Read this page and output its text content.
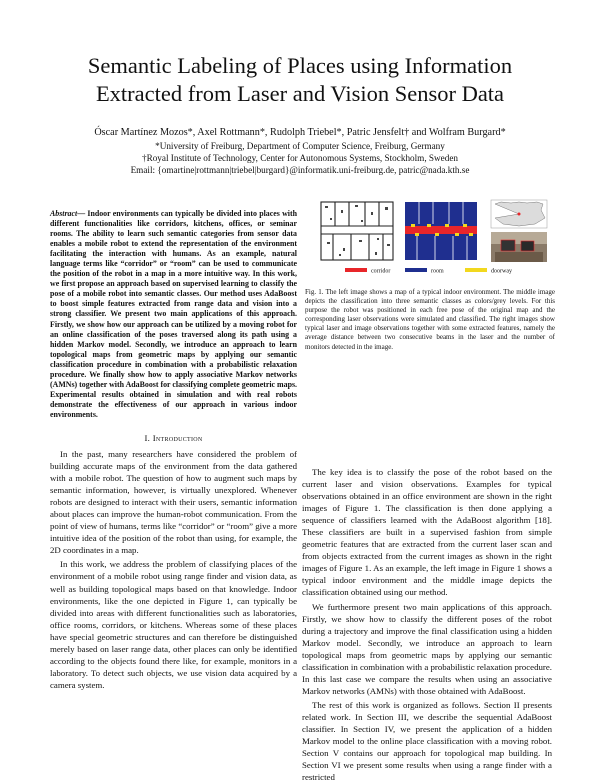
Semantic Labeling of Places using Information
Extracted from Laser and Vision Sensor Data
Óscar Martínez Mozos*, Axel Rottmann*, Rudolph Triebel*, Patric Jensfelt† and Wolfram Burgard*
*University of Freiburg, Department of Computer Science, Freiburg, Germany
†Royal Institute of Technology, Center for Autonomous Systems, Stockholm, Sweden
Email: {omartine|rottmann|triebel|burgard}@informatik.uni-freiburg.de, patric@nada.kth.se
Abstract— Indoor environments can typically be divided into places with different functionalities like corridors, kitchens, offices, or seminar rooms. The ability to learn such semantic categories from sensor data enables a mobile robot to extend the representation of the environment facilitating the interaction with humans. As an example, natural language terms like “corridor” or “room” can be used to communicate the position of the robot in a map in a more intuitive way. In this work, we first propose an approach based on supervised learning to classify the pose of a mobile robot into semantic classes. Our method uses AdaBoost to boost simple features extracted from range data and vision into a strong classifier. We present two main applications of this approach. Firstly, we show how our approach can be utilized by a moving robot for an online classification of the poses traversed along its path using a hidden Markov model. Secondly, we introduce an approach to learn topological maps from geometric maps by applying our semantic classification procedure in combination with a probabilistic relaxation procedure. We finally show how to apply associative Markov networks (AMNs) together with AdaBoost for classifying complete geometric maps. Experimental results obtained in simulation and with real robots demonstrate the effectiveness of our approach in various indoor environments.
I. Introduction

In the past, many researchers have considered the problem of building accurate maps of the environment from the data gathered with a mobile robot. The question of how to augment such maps by semantic information, however, is virtually unexplored. Whenever robots are designed to interact with their users, semantic information about places can improve the human-robot communication. From the point of view of humans, terms like “corridor” or “room” give a more intuitive idea of the position of the robot than using, for example, the 2D coordinates in a map.

In this work, we address the problem of classifying places of the environment of a mobile robot using range finder and vision data, as well as building topological maps based on that knowledge. Indoor environments, like the one depicted in Figure 1, can typically be divided into areas with different functionalities such as laboratories, office rooms, corridors, or kitchens. Whereas some of these places have special geometric structures and can therefore be distinguished merely based on laser range data, other places can only be identified according to the objects found there like, for example, monitors in a laboratory. To detect such objects, we use vision data acquired by a camera system.

corridor	room	doorway
Fig. 1. The left image shows a map of a typical indoor environment. The middle image depicts the classification into three semantic classes as colors/grey levels. For this purpose the robot was positioned in each free pose of the original map and the corresponding laser observations were simulated and classified. The right images show typical laser and image observations together with some extracted features, namely the average distance between two consecutive beams in the laser and the number of monitors detected in the image.

The key idea is to classify the pose of the robot based on the current laser and vision observations. Examples for typical observations obtained in an office environment are shown in the right images of Figure 1. The classification is then done applying a sequence of classifiers learned with the AdaBoost algorithm [18]. These classifiers are built in a supervised fashion from simple geometric features that are extracted from the current laser scan and from objects extracted from the current images as shown in the right images of Figure 1. As an example, the left image in Figure 1 shows a typical indoor environment and the middle image depicts the classification obtained using our method.

We furthermore present two main applications of this approach. Firstly, we show how to classify the different poses of the robot during a trajectory and improve the final classification using a hidden Markov model. Secondly, we introduce an approach to learn topological maps from geometric maps by applying our semantic classification in combination with a probabilistic relaxation procedure. In this last case we compare the results when using an associative Markov networks (AMNs) with those obtained with AdaBoost.

The rest of this work is organized as follows. Section II presents related work. In Section III, we describe the sequential AdaBoost classifier. In Section IV, we present the application of a hidden Markov model to the online place classification with a moving robot. Section V contains our approach for topological map building. In Section VI we present some results when using a range finder with a restricted
